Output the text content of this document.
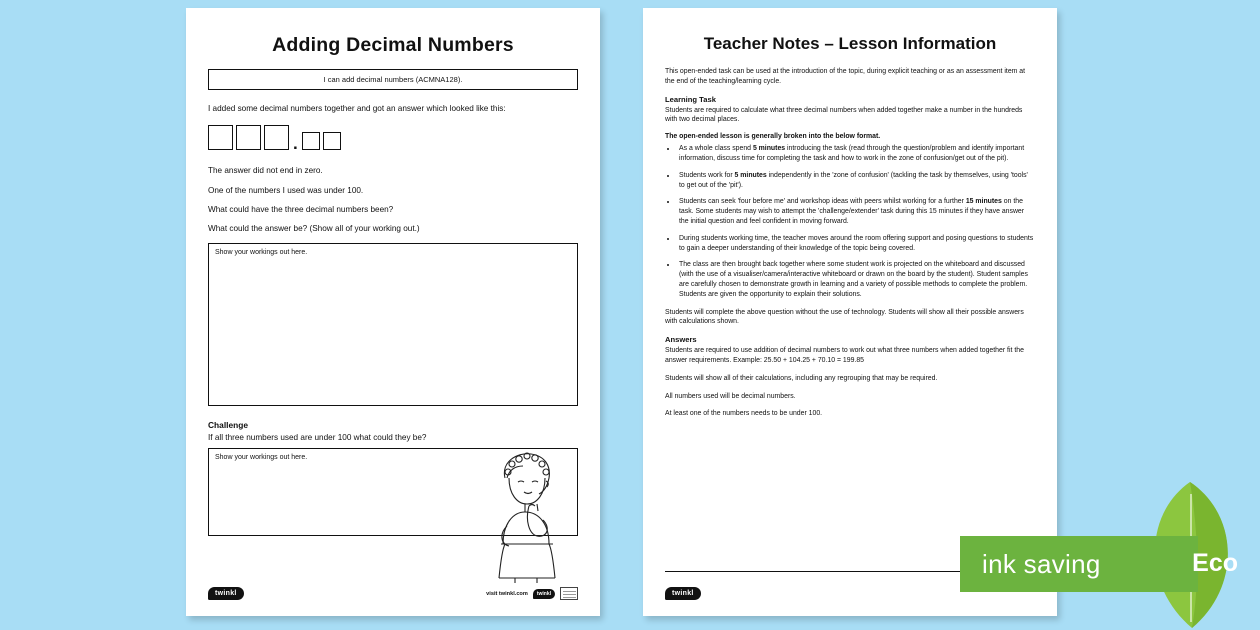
Adding Decimal Numbers
I can add decimal numbers (ACMNA128).

I added some decimal numbers together and got an answer which looked like this:

.

The answer did not end in zero.

One of the numbers I used was under 100.

What could have the three decimal numbers been?

What could the answer be? (Show all of your working out.)

Show your workings out here.
Challenge
If all three numbers used are under 100 what could they be?
Show your workings out here.
twinkl	visit twinkl.com	twinkl
Teacher Notes – Lesson Information

This open-ended task can be used at the introduction of the topic, during explicit teaching or as an assessment item at the end of the teaching/learning cycle.

Learning Task

Students are required to calculate what three decimal numbers when added together make a number in the hundreds with two decimal places.

The open-ended lesson is generally broken into the below format.
• As a whole class spend 5 minutes introducing the task (read through the question/problem and identify important information, discuss time for completing the task and how to work in the zone of confusion/get out of the pit).
• Students work for 5 minutes independently in the 'zone of confusion' (tackling the task by themselves, using 'tools' to get out of the 'pit').
• Students can seek 'four before me' and workshop ideas with peers whilst working for a further 15 minutes on the task. Some students may wish to attempt the 'challenge/extender' task during this 15 minutes if they have answer the initial question and feel confident in moving forward.
• During students working time, the teacher moves around the room offering support and posing questions to students to gain a deeper understanding of their knowledge of the topic being covered.
• The class are then brought back together where some student work is projected on the whiteboard and discussed (with the use of a visualiser/camera/interactive whiteboard or drawn on the board by the student). Student samples are carefully chosen to demonstrate growth in learning and a variety of possible methods to complete the problem. Students are given the opportunity to explain their solutions.

Students will complete the above question without the use of technology. Students will show all their possible answers with calculations shown.

Answers

Students are required to use addition of decimal numbers to work out what three numbers when added together fit the answer requirements. Example: 25.50 + 104.25 + 70.10 = 199.85

Students will show all of their calculations, including any regrouping that may be required.

All numbers used will be decimal numbers.

At least one of the numbers needs to be under 100.

twinkl
ink saving	Eco
